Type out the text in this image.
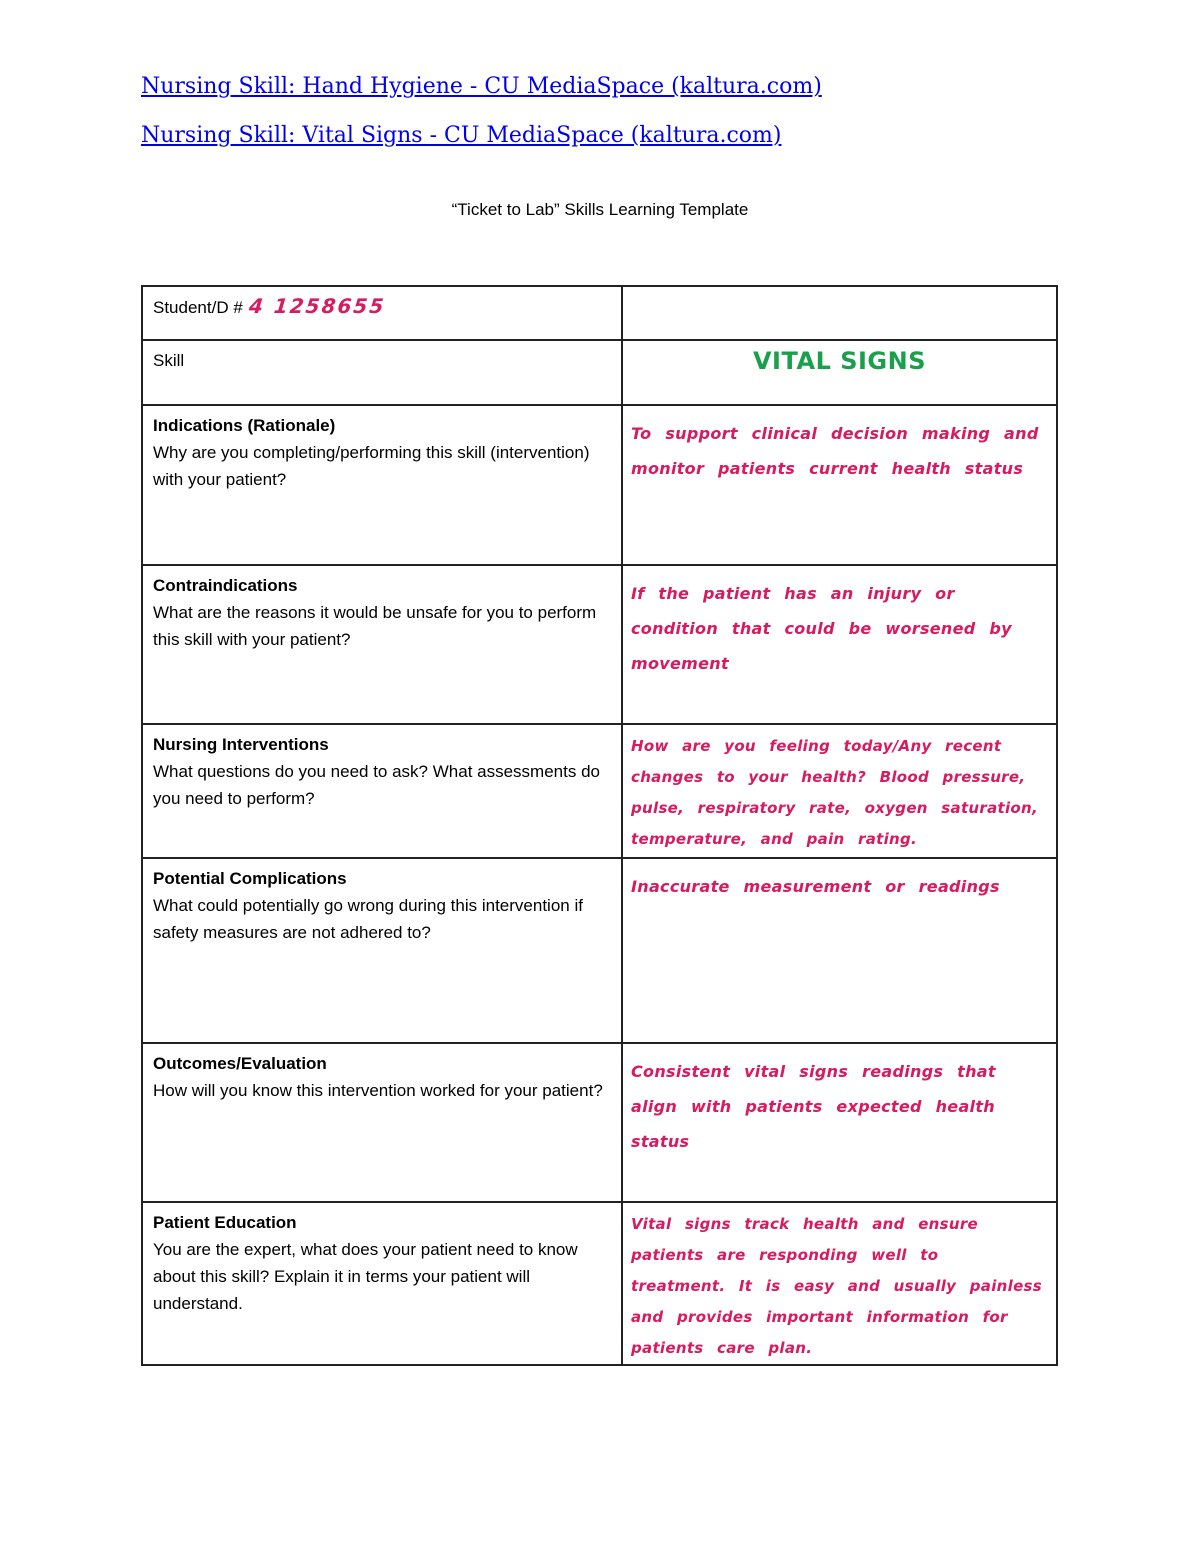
Nursing Skill: Hand Hygiene - CU MediaSpace (kaltura.com)
Nursing Skill: Vital Signs - CU MediaSpace (kaltura.com)
“Ticket to Lab” Skills Learning Template
Student/D # 4 1258655	
Skill	VITAL SIGNS

Indications (Rationale)
Why are you completing/performing this skill (intervention) with your patient?	To support clinical decision making and monitor patients current health status

Contraindications
What are the reasons it would be unsafe for you to perform this skill with your patient?	If the patient has an injury or condition that could be worsened by movement

Nursing Interventions
What questions do you need to ask? What assessments do you need to perform?	How are you feeling today/Any recent changes to your health? Blood pressure, pulse, respiratory rate, oxygen saturation, temperature, and pain rating.

Potential Complications
What could potentially go wrong during this intervention if safety measures are not adhered to?	Inaccurate measurement or readings

Outcomes/Evaluation
How will you know this intervention worked for your patient?	Consistent vital signs readings that align with patients expected health status

Patient Education
You are the expert, what does your patient need to know about this skill? Explain it in terms your patient will understand.	Vital signs track health and ensure patients are responding well to treatment. It is easy and usually painless and provides important information for patients care plan.
